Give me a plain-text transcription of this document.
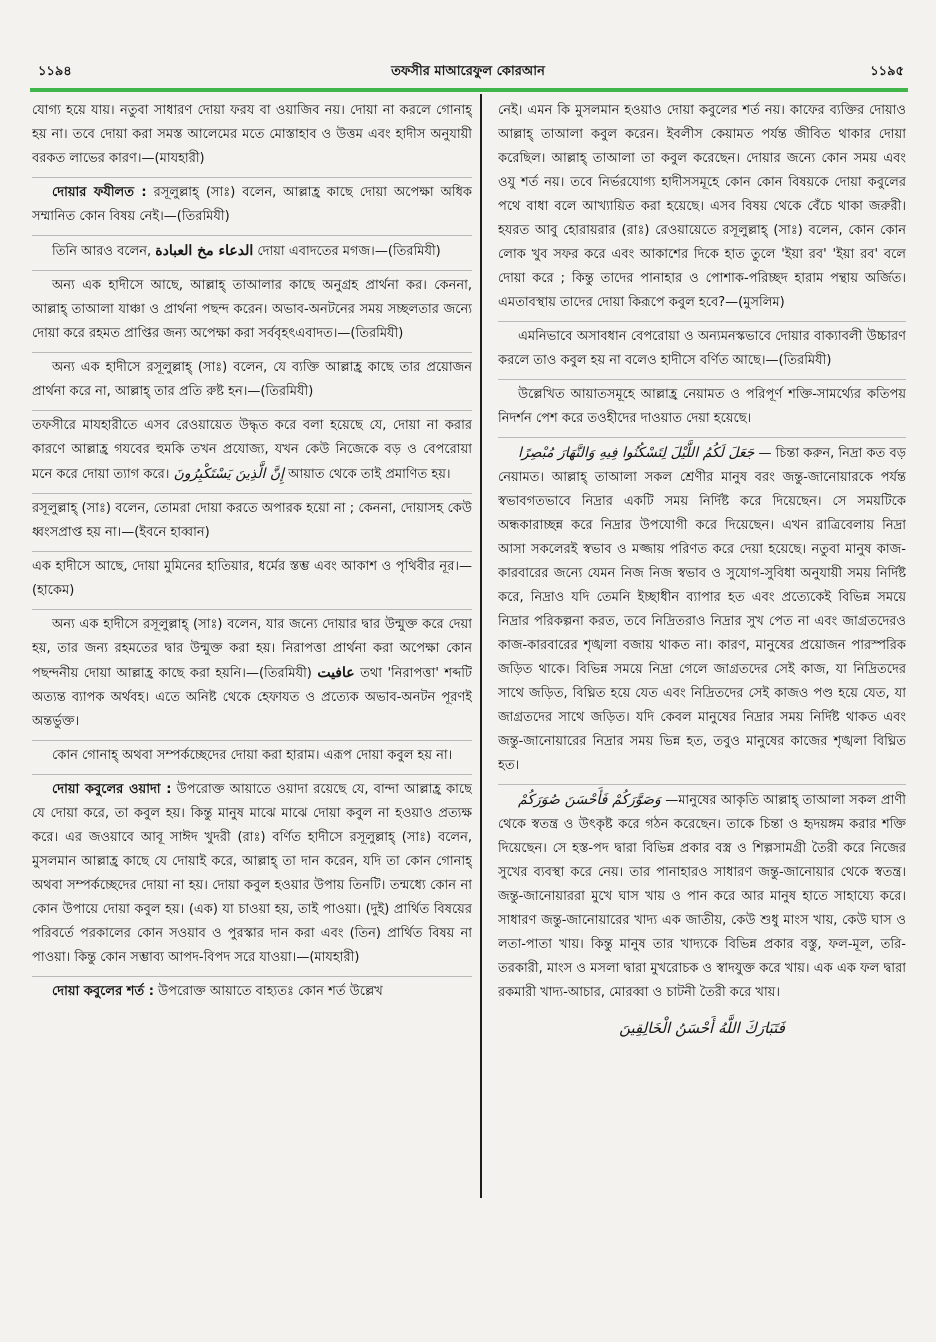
১১৯৪	তফসীর মাআরেফুল কোরআন	১১৯৫
যোগ্য হয়ে যায়। নতুবা সাধারণ দোয়া ফরয বা ওয়াজিব নয়। দোয়া না করলে গোনাহ্ হয় না। তবে দোয়া করা সমস্ত আলেমের মতে মোস্তাহাব ও উত্তম এবং হাদীস অনুযায়ী বরকত লাভের কারণ।—(মাযহারী)
দোয়ার ফযীলত : রসূলুল্লাহ্ (সাঃ) বলেন, আল্লাহ্র কাছে দোয়া অপেক্ষা অধিক সম্মানিত কোন বিষয় নেই।—(তিরমিযী)
তিনি আরও বলেন, الدعاء مخ العبادة দোয়া এবাদতের মগজ।—(তিরমিযী)
অন্য এক হাদীসে আছে, আল্লাহ্ তাআলার কাছে অনুগ্রহ প্রার্থনা কর। কেননা, আল্লাহ্ তাআলা যাঞ্চা ও প্রার্থনা পছন্দ করেন। অভাব-অনটনের সময় সচ্ছলতার জন্যে দোয়া করে রহমত প্রাপ্তির জন্য অপেক্ষা করা সর্ববৃহৎএবাদত।—(তিরমিযী)
অন্য এক হাদীসে রসূলুল্লাহ্ (সাঃ) বলেন, যে ব্যক্তি আল্লাহ্র কাছে তার প্রয়োজন প্রার্থনা করে না, আল্লাহ্ তার প্রতি রুষ্ট হন।—(তিরমিযী)
তফসীরে মাযহারীতে এসব রেওয়ায়েত উদ্ধৃত করে বলা হয়েছে যে, দোয়া না করার কারণে আল্লাহ্র গযবের হুমকি তখন প্রযোজ্য, যখন কেউ নিজেকে বড় ও বেপরোয়া মনে করে দোয়া ত্যাগ করে। إِنَّ الَّذِينَ يَسْتَكْبِرُونَ আয়াত থেকে তাই প্রমাণিত হয়।
রসূলুল্লাহ্ (সাঃ) বলেন, তোমরা দোয়া করতে অপারক হয়ো না ; কেননা, দোয়াসহ কেউ ধ্বংসপ্রাপ্ত হয় না।—(ইবনে হাব্বান)
এক হাদীসে আছে, দোয়া মুমিনের হাতিয়ার, ধর্মের স্তম্ভ এবং আকাশ ও পৃথিবীর নূর।—(হাকেম)
অন্য এক হাদীসে রসূলুল্লাহ্ (সাঃ) বলেন, যার জন্যে দোয়ার দ্বার উন্মুক্ত করে দেয়া হয়, তার জন্য রহমতের দ্বার উন্মুক্ত করা হয়। নিরাপত্তা প্রার্থনা করা অপেক্ষা কোন পছন্দনীয় দোয়া আল্লাহ্র কাছে করা হয়নি।—(তিরমিযী) عافيت তথা 'নিরাপত্তা' শব্দটি অত্যন্ত ব্যাপক অর্থবহ। এতে অনিষ্ট থেকে হেফাযত ও প্রত্যেক অভাব-অনটন পূরণই অন্তর্ভুক্ত।
কোন গোনাহ্ অথবা সম্পর্কচ্ছেদের দোয়া করা হারাম। এরূপ দোয়া কবুল হয় না।
দোয়া কবুলের ওয়াদা : উপরোক্ত আয়াতে ওয়াদা রয়েছে যে, বান্দা আল্লাহ্র কাছে যে দোয়া করে, তা কবুল হয়। কিন্তু মানুষ মাঝে মাঝে দোয়া কবুল না হওয়াও প্রত্যক্ষ করে। এর জওয়াবে আবূ সাঈদ খুদরী (রাঃ) বর্ণিত হাদীসে রসূলুল্লাহ্ (সাঃ) বলেন, মুসলমান আল্লাহ্র কাছে যে দোয়াই করে, আল্লাহ্ তা দান করেন, যদি তা কোন গোনাহ্ অথবা সম্পর্কচ্ছেদের দোয়া না হয়। দোয়া কবুল হওয়ার উপায় তিনটি। তন্মধ্যে কোন না কোন উপায়ে দোয়া কবুল হয়। (এক) যা চাওয়া হয়, তাই পাওয়া। (দুই) প্রার্থিত বিষয়ের পরিবর্তে পরকালের কোন সওয়াব ও পুরস্কার দান করা এবং (তিন) প্রার্থিত বিষয় না পাওয়া। কিন্তু কোন সম্ভাব্য আপদ-বিপদ সরে যাওয়া।—(মাযহারী)
দোয়া কবুলের শর্ত : উপরোক্ত আয়াতে বাহ্যতঃ কোন শর্ত উল্লেখ
নেই। এমন কি মুসলমান হওয়াও দোয়া কবুলের শর্ত নয়। কাফের ব্যক্তির দোয়াও আল্লাহ্ তাআলা কবুল করেন। ইবলীস কেয়ামত পর্যন্ত জীবিত থাকার দোয়া করেছিল। আল্লাহ্ তাআলা তা কবুল করেছেন। দোয়ার জন্যে কোন সময় এবং ওযু শর্ত নয়। তবে নির্ভরযোগ্য হাদীসসমূহে কোন কোন বিষয়কে দোয়া কবুলের পথে বাধা বলে আখ্যায়িত করা হয়েছে। এসব বিষয় থেকে বেঁচে থাকা জরুরী। হযরত আবু হোরায়রার (রাঃ) রেওয়ায়েতে রসূলুল্লাহ্ (সাঃ) বলেন, কোন কোন লোক খুব সফর করে এবং আকাশের দিকে হাত তুলে 'ইয়া রব' 'ইয়া রব' বলে দোয়া করে ; কিন্তু তাদের পানাহার ও পোশাক-পরিচ্ছদ হারাম পন্থায় অর্জিত। এমতাবস্থায় তাদের দোয়া কিরূপে কবুল হবে?—(মুসলিম)
এমনিভাবে অসাবধান বেপরোয়া ও অন্যমনস্কভাবে দোয়ার বাক্যাবলী উচ্চারণ করলে তাও কবুল হয় না বলেও হাদীসে বর্ণিত আছে।—(তিরমিযী)
উল্লেখিত আয়াতসমূহে আল্লাহ্র নেয়ামত ও পরিপূর্ণ শক্তি-সামর্থ্যের কতিপয় নিদর্শন পেশ করে তওহীদের দাওয়াত দেয়া হয়েছে।
جَعَلَ لَكُمُ اللَّيْلَ لِتَسْكُنُوا فِيهِ وَالنَّهَارَ مُبْصِرًا — চিন্তা করুন, নিদ্রা কত বড় নেয়ামত। আল্লাহ্ তাআলা সকল শ্রেণীর মানুষ বরং জন্তু-জানোয়ারকে পর্যন্ত স্বভাবগতভাবে নিদ্রার একটি সময় নির্দিষ্ট করে দিয়েছেন। সে সময়টিকে অন্ধকারাচ্ছন্ন করে নিদ্রার উপযোগী করে দিয়েছেন। এখন রাত্রিবেলায় নিদ্রা আসা সকলেরই স্বভাব ও মজ্জায় পরিণত করে দেয়া হয়েছে। নতুবা মানুষ কাজ-কারবারের জন্যে যেমন নিজ নিজ স্বভাব ও সুযোগ-সুবিধা অনুযায়ী সময় নির্দিষ্ট করে, নিদ্রাও যদি তেমনি ইচ্ছাধীন ব্যাপার হত এবং প্রত্যেকেই বিভিন্ন সময়ে নিদ্রার পরিকল্পনা করত, তবে নিদ্রিতরাও নিদ্রার সুখ পেত না এবং জাগ্রতদেরও কাজ-কারবারের শৃঙ্খলা বজায় থাকত না। কারণ, মানুষের প্রয়োজন পারস্পরিক জড়িত থাকে। বিভিন্ন সময়ে নিদ্রা গেলে জাগ্রতদের সেই কাজ, যা নিদ্রিতদের সাথে জড়িত, বিঘ্নিত হয়ে যেত এবং নিদ্রিতদের সেই কাজও পণ্ড হয়ে যেত, যা জাগ্রতদের সাথে জড়িত। যদি কেবল মানুষের নিদ্রার সময় নির্দিষ্ট থাকত এবং জন্তু-জানোয়ারের নিদ্রার সময় ভিন্ন হত, তবুও মানুষের কাজের শৃঙ্খলা বিঘ্নিত হত।
وَصَوَّرَكُمْ فَأَحْسَنَ صُوَرَكُمْ —মানুষের আকৃতি আল্লাহ্ তাআলা সকল প্রাণী থেকে স্বতন্ত্র ও উৎকৃষ্ট করে গঠন করেছেন। তাকে চিন্তা ও হৃদয়ঙ্গম করার শক্তি দিয়েছেন। সে হস্ত-পদ দ্বারা বিভিন্ন প্রকার বস্ত্র ও শিল্পসামগ্রী তৈরী করে নিজের সুখের ব্যবস্থা করে নেয়। তার পানাহারও সাধারণ জন্তু-জানোয়ার থেকে স্বতন্ত্র। জন্তু-জানোয়াররা মুখে ঘাস খায় ও পান করে আর মানুষ হাতে সাহায্যে করে। সাধারণ জন্তু-জানোয়ারের খাদ্য এক জাতীয়, কেউ শুধু মাংস খায়, কেউ ঘাস ও লতা-পাতা খায়। কিন্তু মানুষ তার খাদ্যকে বিভিন্ন প্রকার বস্তু, ফল-মূল, তরি-তরকারী, মাংস ও মসলা দ্বারা মুখরোচক ও স্বাদযুক্ত করে খায়। এক এক ফল দ্বারা রকমারী খাদ্য-আচার, মোরব্বা ও চাটনী তৈরী করে খায়।
فَتَبَارَكَ اللَّهُ أَحْسَنُ الْخَالِقِينَ
